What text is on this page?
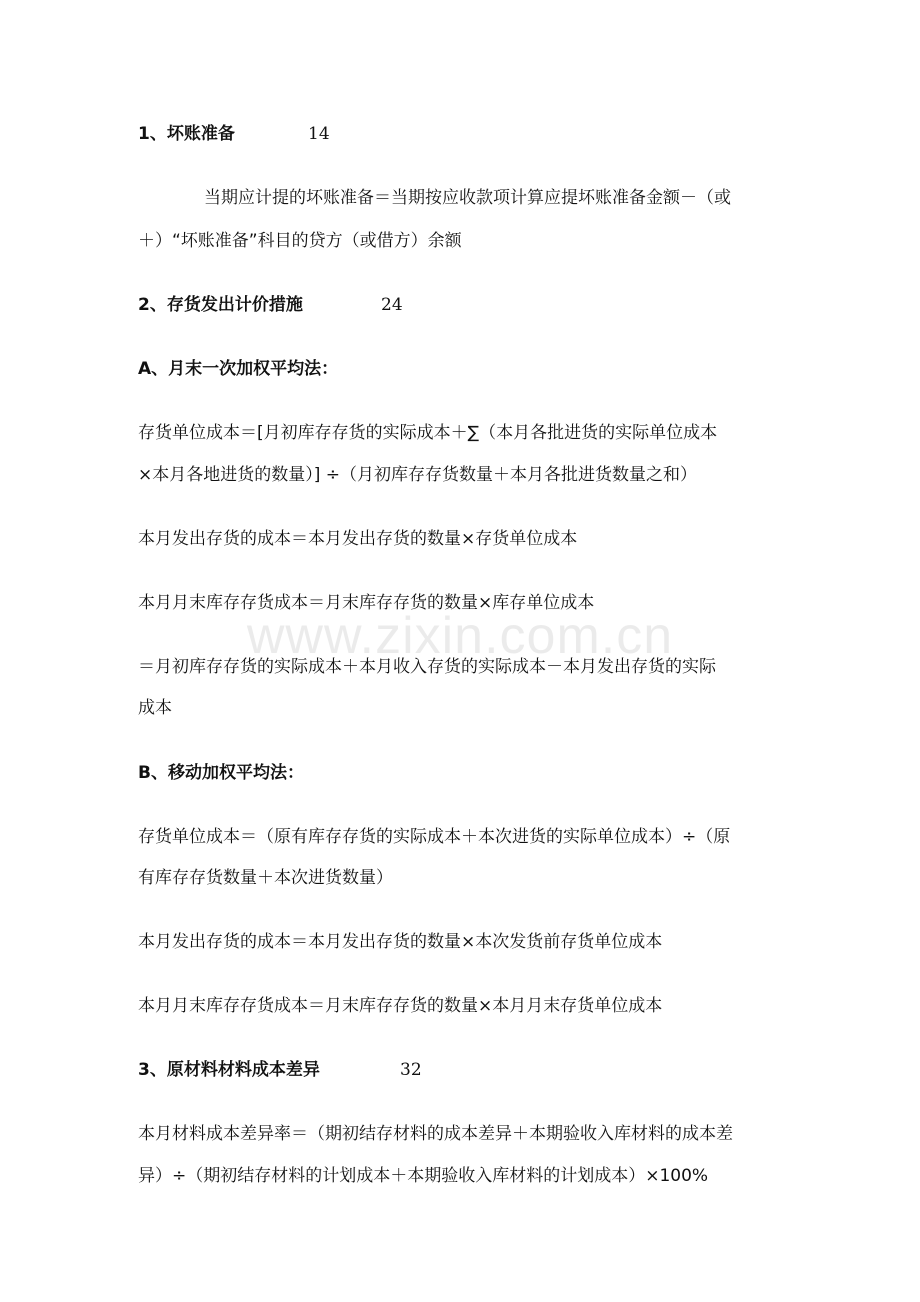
www.zixin.com.cn
1、坏账准备	14
当期应计提的坏账准备＝当期按应收款项计算应提坏账准备金额－（或
＋）“坏账准备”科目的贷方（或借方）余额
2、存货发出计价措施	24
A、月末一次加权平均法：
存货单位成本＝[月初库存存货的实际成本＋∑（本月各批进货的实际单位成本
×本月各地进货的数量）] ÷（月初库存存货数量＋本月各批进货数量之和）
本月发出存货的成本＝本月发出存货的数量×存货单位成本
本月月末库存存货成本＝月末库存存货的数量×库存单位成本
＝月初库存存货的实际成本＋本月收入存货的实际成本－本月发出存货的实际
成本
B、移动加权平均法：
存货单位成本＝（原有库存存货的实际成本＋本次进货的实际单位成本）÷（原
有库存存货数量＋本次进货数量）
本月发出存货的成本＝本月发出存货的数量×本次发货前存货单位成本
本月月末库存存货成本＝月末库存存货的数量×本月月末存货单位成本
3、原材料材料成本差异	32
本月材料成本差异率＝（期初结存材料的成本差异＋本期验收入库材料的成本差
异）÷（期初结存材料的计划成本＋本期验收入库材料的计划成本）×100%
